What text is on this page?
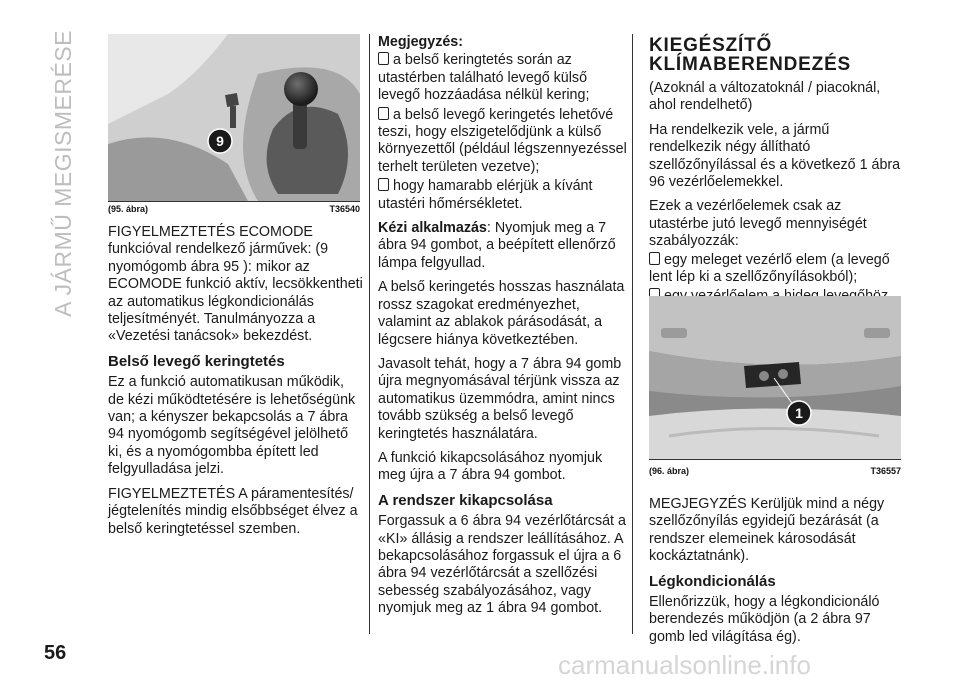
A JÁRMŰ MEGISMERÉSE	9
(95. ábra)	T36540

FIGYELMEZTETÉS ECOMODE funkcióval rendelkező járművek: (9 nyomógomb ábra 95 ): mikor az ECOMODE funkció aktív, lecsökkentheti az automatikus légkondicionálás teljesítményét. Tanulmányozza a «Vezetési tanácsok» bekezdést.

Belső levegő keringtetés

Ez a funkció automatikusan működik, de kézi működtetésére is lehetőségünk van; a kényszer bekapcsolás a 7 ábra 94 nyomógomb segítségével jelölhető ki, és a nyomógombba épített led felgyulladása jelzi.

FIGYELMEZTETÉS A páramentesítés/ jégtelenítés mindig elsőbbséget élvez a belső keringtetéssel szemben.

Megjegyzés:

a belső keringtetés során az utastérben található levegő külső levegő hozzáadása nélkül kering;

a belső levegő keringetés lehetővé teszi, hogy elszigetelődjünk a külső környezettől (például légszennyezéssel terhelt területen vezetve);

hogy hamarabb elérjük a kívánt utastéri hőmérsékletet.

Kézi alkalmazás: Nyomjuk meg a 7 ábra 94 gombot, a beépített ellenőrző lámpa felgyullad.

A belső keringetés hosszas használata rossz szagokat eredményezhet, valamint az ablakok párásodását, a légcsere hiánya következtében.

Javasolt tehát, hogy a 7 ábra 94 gomb újra megnyomásával térjünk vissza az automatikus üzemmódra, amint nincs tovább szükség a belső levegő keringtetés használatára.

A funkció kikapcsolásához nyomjuk meg újra a 7 ábra 94 gombot.

A rendszer kikapcsolása

Forgassuk a 6 ábra 94 vezérlőtárcsát a «KI» állásig a rendszer leállításához. A bekapcsolásához forgassuk el újra a 6 ábra 94 vezérlőtárcsát a szellőzési sebesség szabályozásához, vagy nyomjuk meg az 1 ábra 94 gombot.

KIEGÉSZÍTŐ
KLÍMABERENDEZÉS

(Azoknál a változatoknál / piacoknál, ahol rendelhető)

Ha rendelkezik vele, a jármű rendelkezik négy állítható szellőzőnyílással és a következő 1 ábra 96 vezérlőelemekkel.

Ezek a vezérlőelemek csak az utastérbe jutó levegő mennyiségét szabályozzák:

egy meleget vezérlő elem (a levegő lent lép ki a szellőzőnyílásokból);

1
(96. ábra)	T36557

MEGJEGYZÉS Kerüljük mind a négy szellőzőnyílás egyidejű bezárását (a rendszer elemeinek károsodását kockáztatnánk).

Légkondicionálás

Ellenőrizzük, hogy a légkondicionáló berendezés működjön (a 2 ábra 97 gomb led világítása ég).

56	carmanualsonline.info
